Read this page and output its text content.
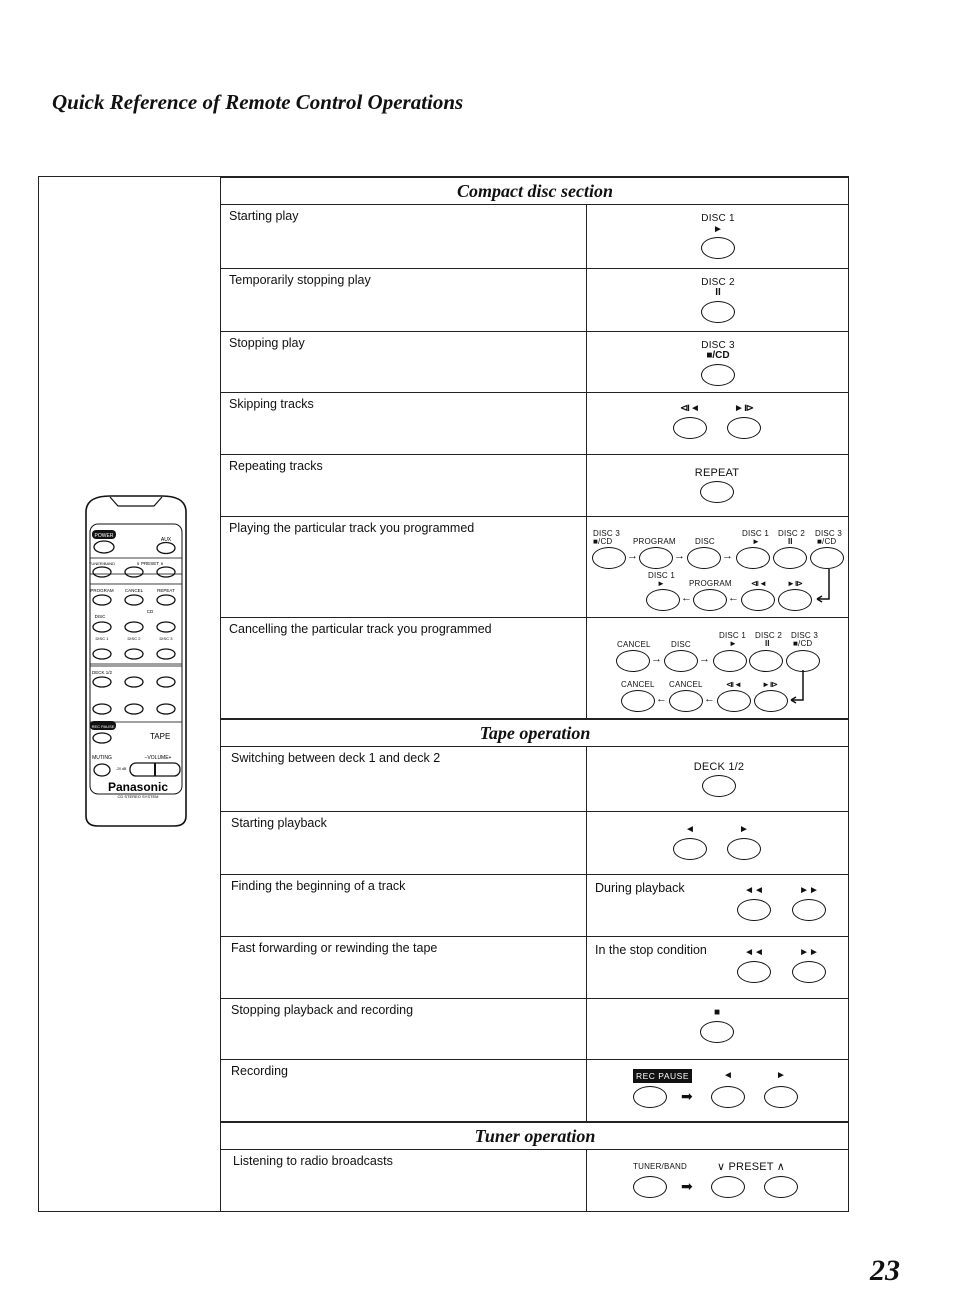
Quick Reference of Remote Control Operations
POWER
AUX
TUNER/BAND	∨ PRESET ∧
PROGRAM CANCEL	REPEAT
DISC
CD
DISC 1	DISC 2	DISC 3
DECK 1/2
REC PAUSE
TAPE
MUTING	−VOLUME+
-20 dB
Panasonic
CD STEREO SYSTEM
Compact disc section
Starting play	DISC 1
►
Temporarily stopping play	DISC 2
II
Stopping play	DISC 3
■/CD
Skipping tracks	⧏◄	►⧐
Repeating tracks	REPEAT
Playing the particular track you programmed	DISC 3
■/CD	PROGRAM DISC
DISC 1 DISC 2 DISC 3
►	II	■/CD
→	→	→
DISC 1
►	PROGRAM ⧏◄	►⧐
←	←
Cancelling the particular track you programmed
CANCEL	DISC
DISC 1 DISC 2 DISC 3
►	II	■/CD
→	→
CANCEL CANCEL	⧏◄	►⧐
←	←
Tape operation
Switching between deck 1 and deck 2
DECK 1/2
Starting playback	◄	►
Finding the beginning of a track	During playback	◄◄	►►
Fast forwarding or rewinding the tape	In the stop condition	◄◄	►►
Stopping playback and recording	■
Recording	REC PAUSE
➡
◄	►
Tuner operation
Listening to radio broadcasts	TUNER/BAND
➡
∨ PRESET ∧

23
